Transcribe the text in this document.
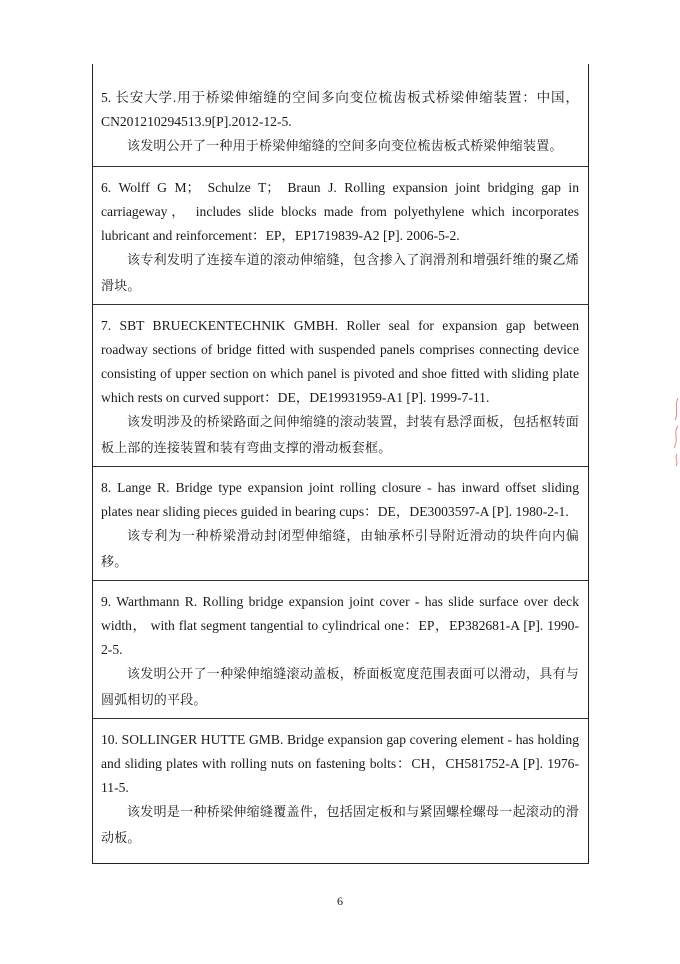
5. 长安大学.用于桥梁伸缩缝的空间多向变位梳齿板式桥梁伸缩装置：中国，CN201210294513.9[P].2012-12-5.

该发明公开了一种用于桥梁伸缩缝的空间多向变位梳齿板式桥梁伸缩装置。

6. Wolff G M； Schulze T； Braun J. Rolling expansion joint bridging gap in carriageway， includes slide blocks made from polyethylene which incorporates lubricant and reinforcement：EP，EP1719839-A2 [P]. 2006-5-2.

该专利发明了连接车道的滚动伸缩缝，包含掺入了润滑剂和增强纤维的聚乙烯滑块。

7. SBT BRUECKENTECHNIK GMBH. Roller seal for expansion gap between roadway sections of bridge fitted with suspended panels comprises connecting device consisting of upper section on which panel is pivoted and shoe fitted with sliding plate which rests on curved support：DE，DE19931959-A1 [P]. 1999-7-11.

该发明涉及的桥梁路面之间伸缩缝的滚动装置，封装有悬浮面板，包括枢转面板上部的连接装置和装有弯曲支撑的滑动板套框。

8. Lange R. Bridge type expansion joint rolling closure - has inward offset sliding plates near sliding pieces guided in bearing cups：DE，DE3003597-A [P]. 1980-2-1.

该专利为一种桥梁滑动封闭型伸缩缝，由轴承杯引导附近滑动的块件向内偏移。

9. Warthmann R. Rolling bridge expansion joint cover - has slide surface over deck width， with flat segment tangential to cylindrical one：EP，EP382681-A [P]. 1990-2-5.

该发明公开了一种梁伸缩缝滚动盖板，桥面板宽度范围表面可以滑动，具有与圆弧相切的平段。

10. SOLLINGER HUTTE GMB. Bridge expansion gap covering element - has holding and sliding plates with rolling nuts on fastening bolts：CH，CH581752-A [P]. 1976-11-5.

该发明是一种桥梁伸缩缝覆盖件，包括固定板和与紧固螺栓螺母一起滚动的滑动板。

6
